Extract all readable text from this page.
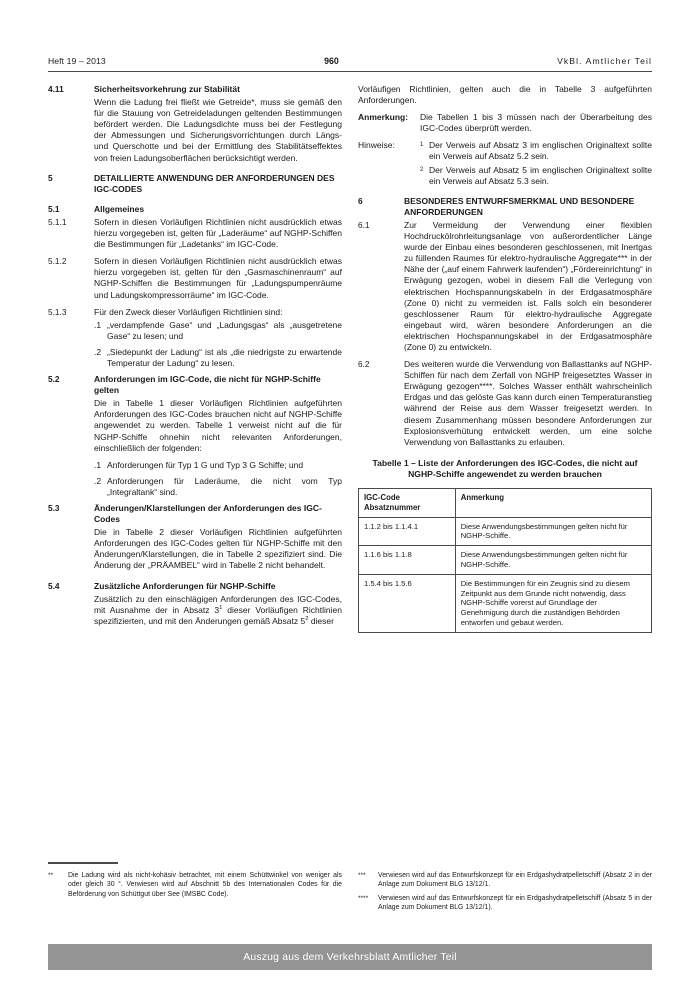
Heft 19 – 2013	960	VkBl. Amtlicher Teil
4.11	Sicherheitsvorkehrung zur Stabilität
Wenn die Ladung frei fließt wie Getreide*, muss sie gemäß den für die Stauung von Getreideladungen geltenden Bestimmungen befördert werden. Die Ladungsdichte muss bei der Festlegung der Abmessungen und Sicherungsvorrichtungen durch Längs- und Querschotte und bei der Ermittlung des Stabilitätseffektes von freien Ladungsoberflächen berücksichtigt werden.
5	DETAILLIERTE ANWENDUNG DER ANFORDERUNGEN DES IGC-CODES
5.1	Allgemeines
5.1.1	Sofern in diesen Vorläufigen Richtlinien nicht ausdrücklich etwas hierzu vorgegeben ist, gelten für „Laderäume“ auf NGHP-Schiffen die Bestimmungen für „Ladetanks“ im IGC-Code.
5.1.2	Sofern in diesen Vorläufigen Richtlinien nicht ausdrücklich etwas hierzu vorgegeben ist, gelten für den „Gasmaschinenraum“ auf NGHP-Schiffen die Bestimmungen für „Ladungspumpenräume und Ladungskompressorräume“ im IGC-Code.
5.1.3	Für den Zweck dieser Vorläufigen Richtlinien sind:
.1 „verdampfende Gase“ und „Ladungsgas“ als „ausgetretene Gase“ zu lesen; und
.2 „Siedepunkt der Ladung“ ist als „die niedrigste zu erwartende Temperatur der Ladung“ zu lesen.
5.2	Anforderungen im IGC-Code, die nicht für NGHP-Schiffe gelten
Die in Tabelle 1 dieser Vorläufigen Richtlinien aufgeführten Anforderungen des IGC-Codes brauchen nicht auf NGHP-Schiffe angewendet zu werden. Tabelle 1 verweist nicht auf die für NGHP-Schiffe ohnehin nicht relevanten Anforderungen, einschließlich der folgenden:
.1 Anforderungen für Typ 1 G und Typ 3 G Schiffe; und
.2 Anforderungen für Laderäume, die nicht vom Typ „Integraltank“ sind.
5.3	Änderungen/Klarstellungen der Anforderungen des IGC-Codes
Die in Tabelle 2 dieser Vorläufigen Richtlinien aufgeführten Anforderungen des IGC-Codes gelten für NGHP-Schiffe mit den Änderungen/Klarstellungen, die in Tabelle 2 spezifiziert sind. Die Änderung der „PRÄAMBEL“ wird in Tabelle 2 nicht behandelt.
5.4	Zusätzliche Anforderungen für NGHP-Schiffe
Zusätzlich zu den einschlägigen Anforderungen des IGC-Codes, mit Ausnahme der in Absatz $3^1$ dieser Vorläufigen Richtlinien spezifizierten, und mit den Änderungen gemäß Absatz $5^2$ dieser
Vorläufigen Richtlinien, gelten auch die in Tabelle 3 aufgeführten Anforderungen.
Anmerkung:	Die Tabellen 1 bis 3 müssen nach der Überarbeitung des IGC-Codes überprüft werden.
Hinweise:	1 Der Verweis auf Absatz 3 im englischen Originaltext sollte ein Verweis auf Absatz 5.2 sein.
2 Der Verweis auf Absatz 5 im englischen Originaltext sollte ein Verweis auf Absatz 5.3 sein.
6	BESONDERES ENTWURFSMERKMAL UND BESONDERE ANFORDERUNGEN
6.1	Zur Vermeidung der Verwendung einer flexiblen Hochdruckölrohrleitungsanlage von außerordentlicher Länge wurde der Einbau eines besonderen geschlossenen, mit Inertgas zu füllenden Raumes für elektro-hydraulische Aggregate*** in der Nähe der („auf einem Fahrwerk laufenden“) „Fördereinrichtung“ in Erwägung gezogen, wobei in diesem Fall die Verlegung von elektrischen Hochspannungskabeln in der Erdgasatmosphäre (Zone 0) nicht zu vermeiden ist. Falls solch ein besonderer geschlossener Raum für elektro-hydraulische Aggregate eingebaut wird, wären besondere Anforderungen an die elektrischen Hochspannungskabel in der Erdgasatmosphäre (Zone 0) zu entwickeln.
6.2	Des weiteren wurde die Verwendung von Ballasttanks auf NGHP-Schiffen für nach dem Zerfall von NGHP freigesetztes Wasser in Erwägung gezogen****. Solches Wasser enthält wahrscheinlich Erdgas und das gelöste Gas kann durch einen Temperaturanstieg während der Reise aus dem Wasser freigesetzt werden. In diesem Zusammenhang müssen besondere Anforderungen zur Explosionsverhütung entwickelt werden, um eine solche Verwendung von Ballasttanks zu erlauben.
Tabelle 1 – Liste der Anforderungen des IGC-Codes, die nicht auf NGHP-Schiffe angewendet zu werden brauchen
IGC-Code
Absatznummer	Anmerkung
1.1.2 bis 1.1.4.1	Diese Anwendungsbestimmungen gelten nicht für NGHP-Schiffe.
1.1.6 bis 1.1.8	Diese Anwendungsbestimmungen gelten nicht für NGHP-Schiffe.
1.5.4 bis 1.5.6	Die Bestimmungen für ein Zeugnis sind zu diesem Zeitpunkt aus dem Grunde nicht notwendig, dass NGHP-Schiffe vorerst auf Grundlage der Genehmigung durch die zuständigen Behörden entworfen und gebaut werden.
**	Die Ladung wird als nicht-kohäsiv betrachtet, mit einem Schüttwinkel von weniger als oder gleich 30 °. Verwiesen wird auf Abschnitt 5b des Internationalen Codes für die Beförderung von Schüttgut über See (IMSBC Code).
***	Verwiesen wird auf das Entwurfskonzept für ein Erdgashydratpelletschiff (Absatz 2 in der Anlage zum Dokument BLG 13/12/1.
****	Verwiesen wird auf das Entwurfskonzept für ein Erdgashydratpelletschiff (Absatz 5 in der Anlage zum Dokument BLG 13/12/1).
Auszug aus dem Verkehrsblatt Amtlicher Teil
